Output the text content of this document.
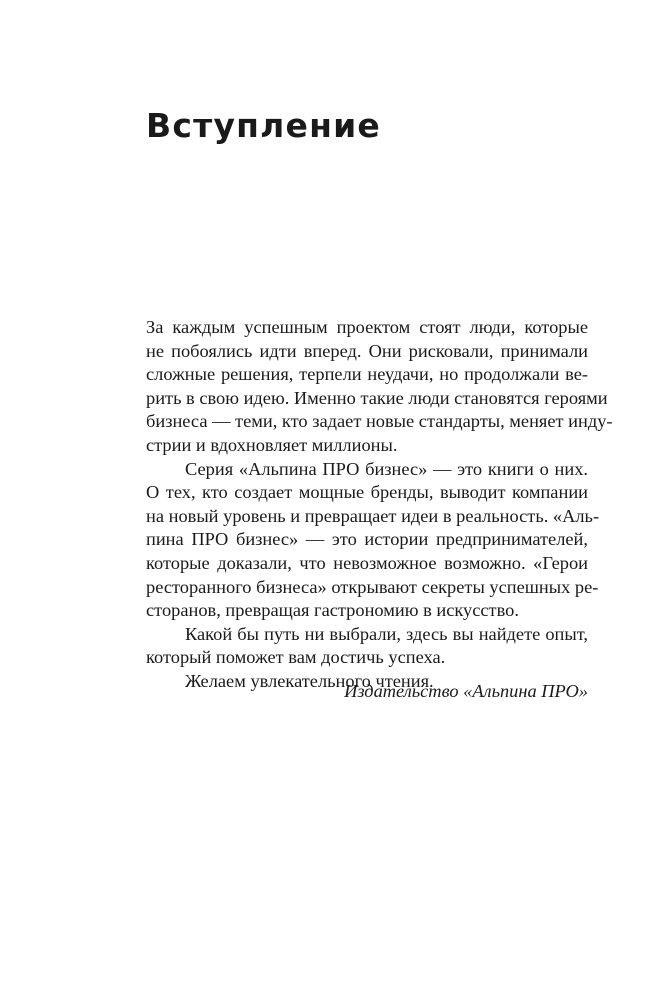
Вступление
За каждым успешным проектом стоят люди, которые
не побоялись идти вперед. Они рисковали, принимали
сложные решения, терпели неудачи, но продолжали ве-
рить в свою идею. Именно такие люди становятся героями
бизнеса — теми, кто задает новые стандарты, меняет инду-
стрии и вдохновляет миллионы.
Серия «Альпина ПРО бизнес» — это книги о них.
О тех, кто создает мощные бренды, выводит компании
на новый уровень и превращает идеи в реальность. «Аль-
пина ПРО бизнес» — это истории предпринимателей,
которые доказали, что невозможное возможно. «Герои
ресторанного бизнеса» открывают секреты успешных ре-
сторанов, превращая гастрономию в искусство.
Какой бы путь ни выбрали, здесь вы найдете опыт,
который поможет вам достичь успеха.
Желаем увлекательного чтения.
Издательство «Альпина ПРО»
